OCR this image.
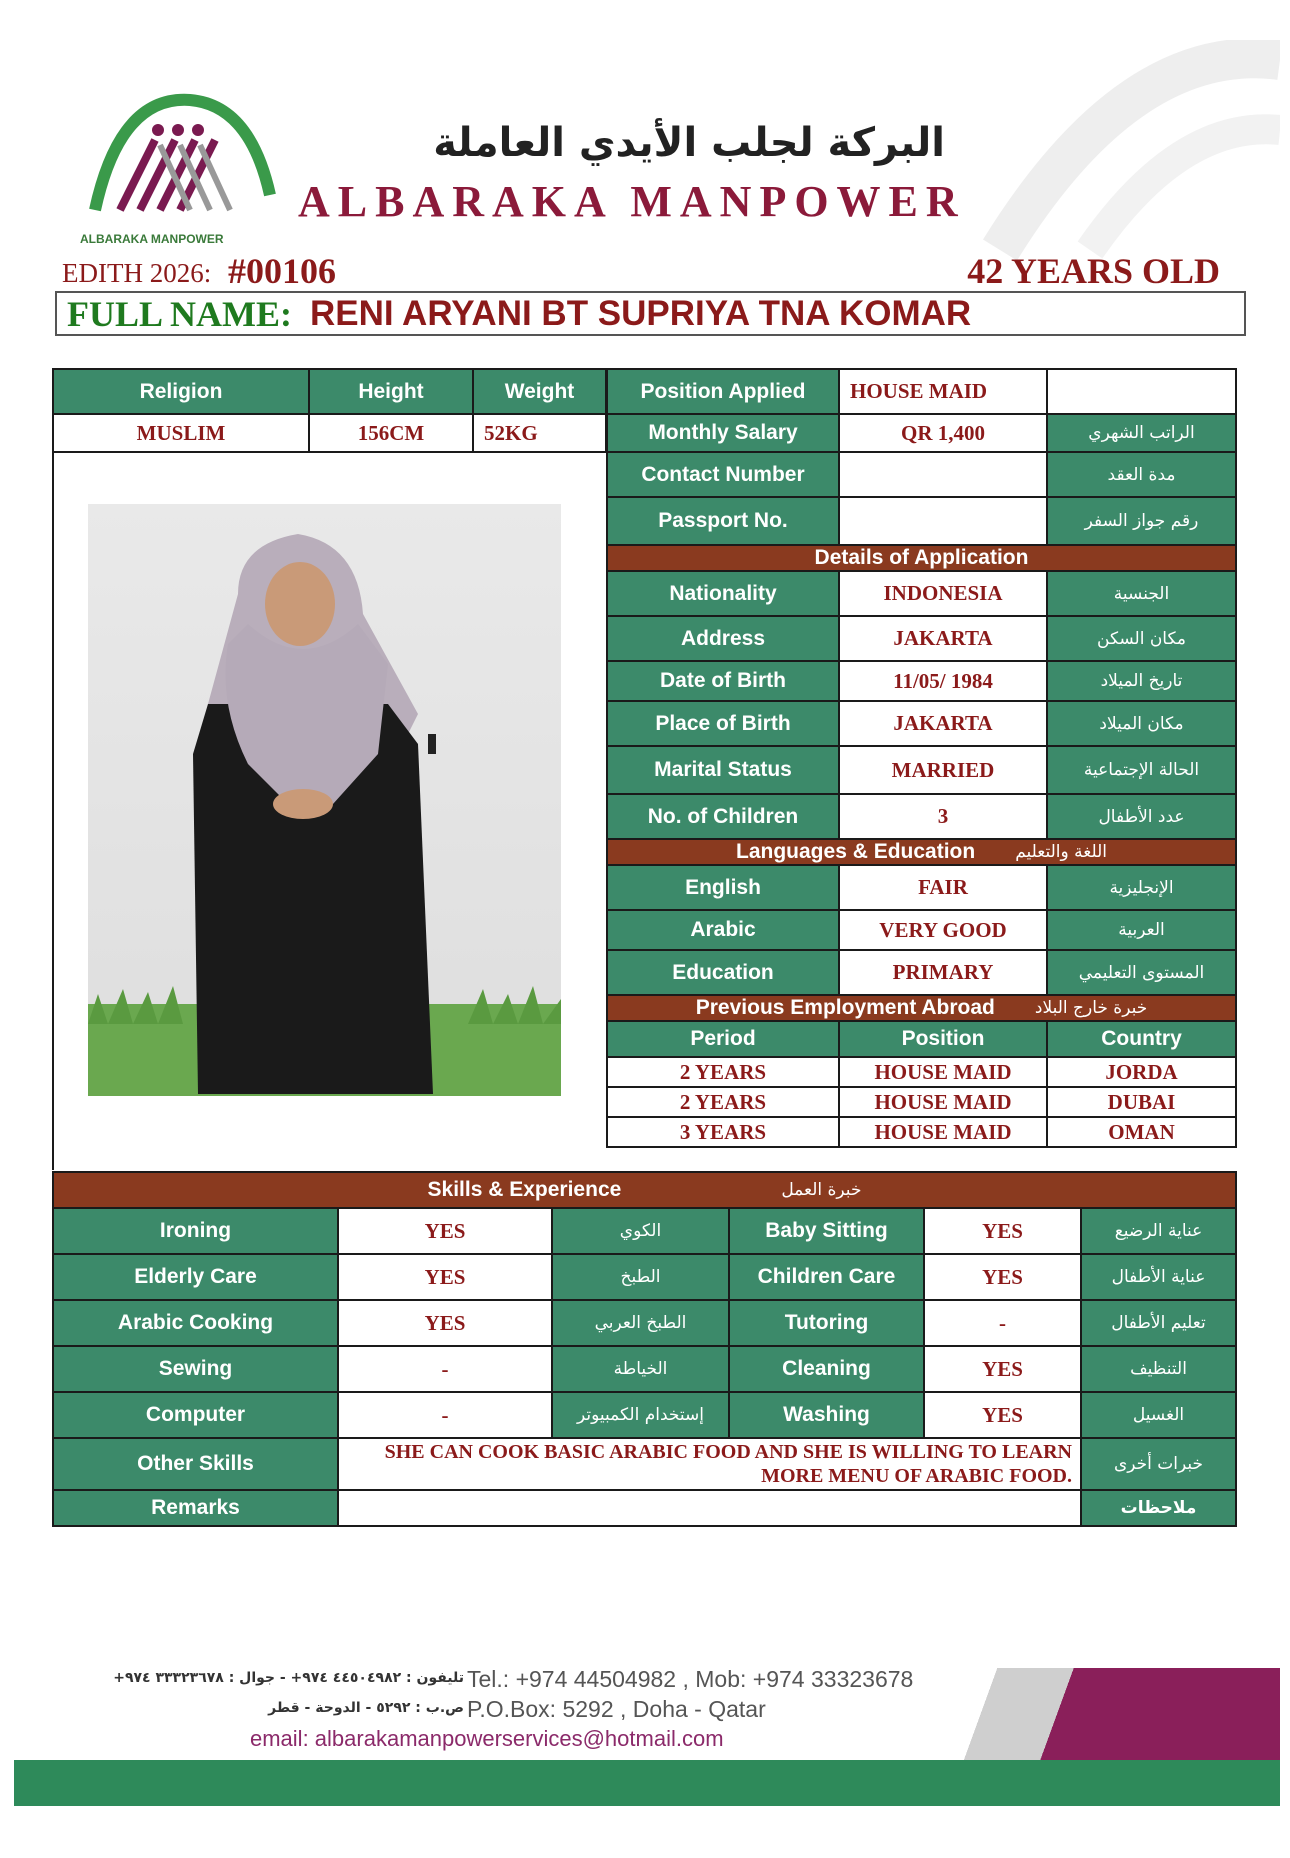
ALBARAKA MANPOWER
البركة لجلب الأيدي العاملة
ALBARAKA MANPOWER
EDITH 2026: #00106	42 YEARS OLD
FULL NAME: RENI ARYANI BT SUPRIYA TNA KOMAR
Religion	Height	Weight
MUSLIM	156CM	52KG
Position Applied	HOUSE MAID	
Monthly Salary	QR 1,400	الراتب الشهري
Contact Number		مدة العقد
Passport No.		رقم جواز السفر
Details of Application		
Nationality	INDONESIA	الجنسية
Address	JAKARTA	مكان السكن
Date of Birth	11/05/ 1984	تاريخ الميلاد
Place of Birth	JAKARTA	مكان الميلاد
Marital Status	MARRIED	الحالة الإجتماعية
No. of Children	3	عدد الأطفال

Languages & Education اللغة والتعليم		

English	FAIR	الإنجليزية
Arabic	VERY GOOD	العربية
Education	PRIMARY	المستوى التعليمي

Previous Employment Abroad خبرة خارج البلاد		

Period	Position	Country
2 YEARS	HOUSE MAID	JORDA
2 YEARS	HOUSE MAID	DUBAI
3 YEARS	HOUSE MAID	OMAN
Skills & Experience خبرة العمل					

Ironing	YES	الكوي	Baby Sitting	YES	عناية الرضيع
Elderly Care	YES	الطبخ	Children Care	YES	عناية الأطفال
Arabic Cooking	YES	الطبخ العربي	Tutoring	-	تعليم الأطفال
Sewing	-	الخياطة	Cleaning	YES	التنظيف
Computer	-	إستخدام الكمبيوتر	Washing	YES	الغسيل
Other Skills	SHE CAN COOK BASIC ARABIC FOOD AND SHE IS WILLING TO LEARN MORE MENU OF ARABIC FOOD.				خبرات أخرى
Remarks					ملاحظات
تليفون : ٤٤٥٠٤٩٨٢ ٩٧٤+ - جوال : ٣٣٣٢٣٦٧٨ ٩٧٤+ Tel.: +974 44504982 , Mob: +974 33323678
ص.ب : ٥٢٩٢ - الدوحة - قطر P.O.Box: 5292 , Doha - Qatar
email: albarakamanpowerservices@hotmail.com
